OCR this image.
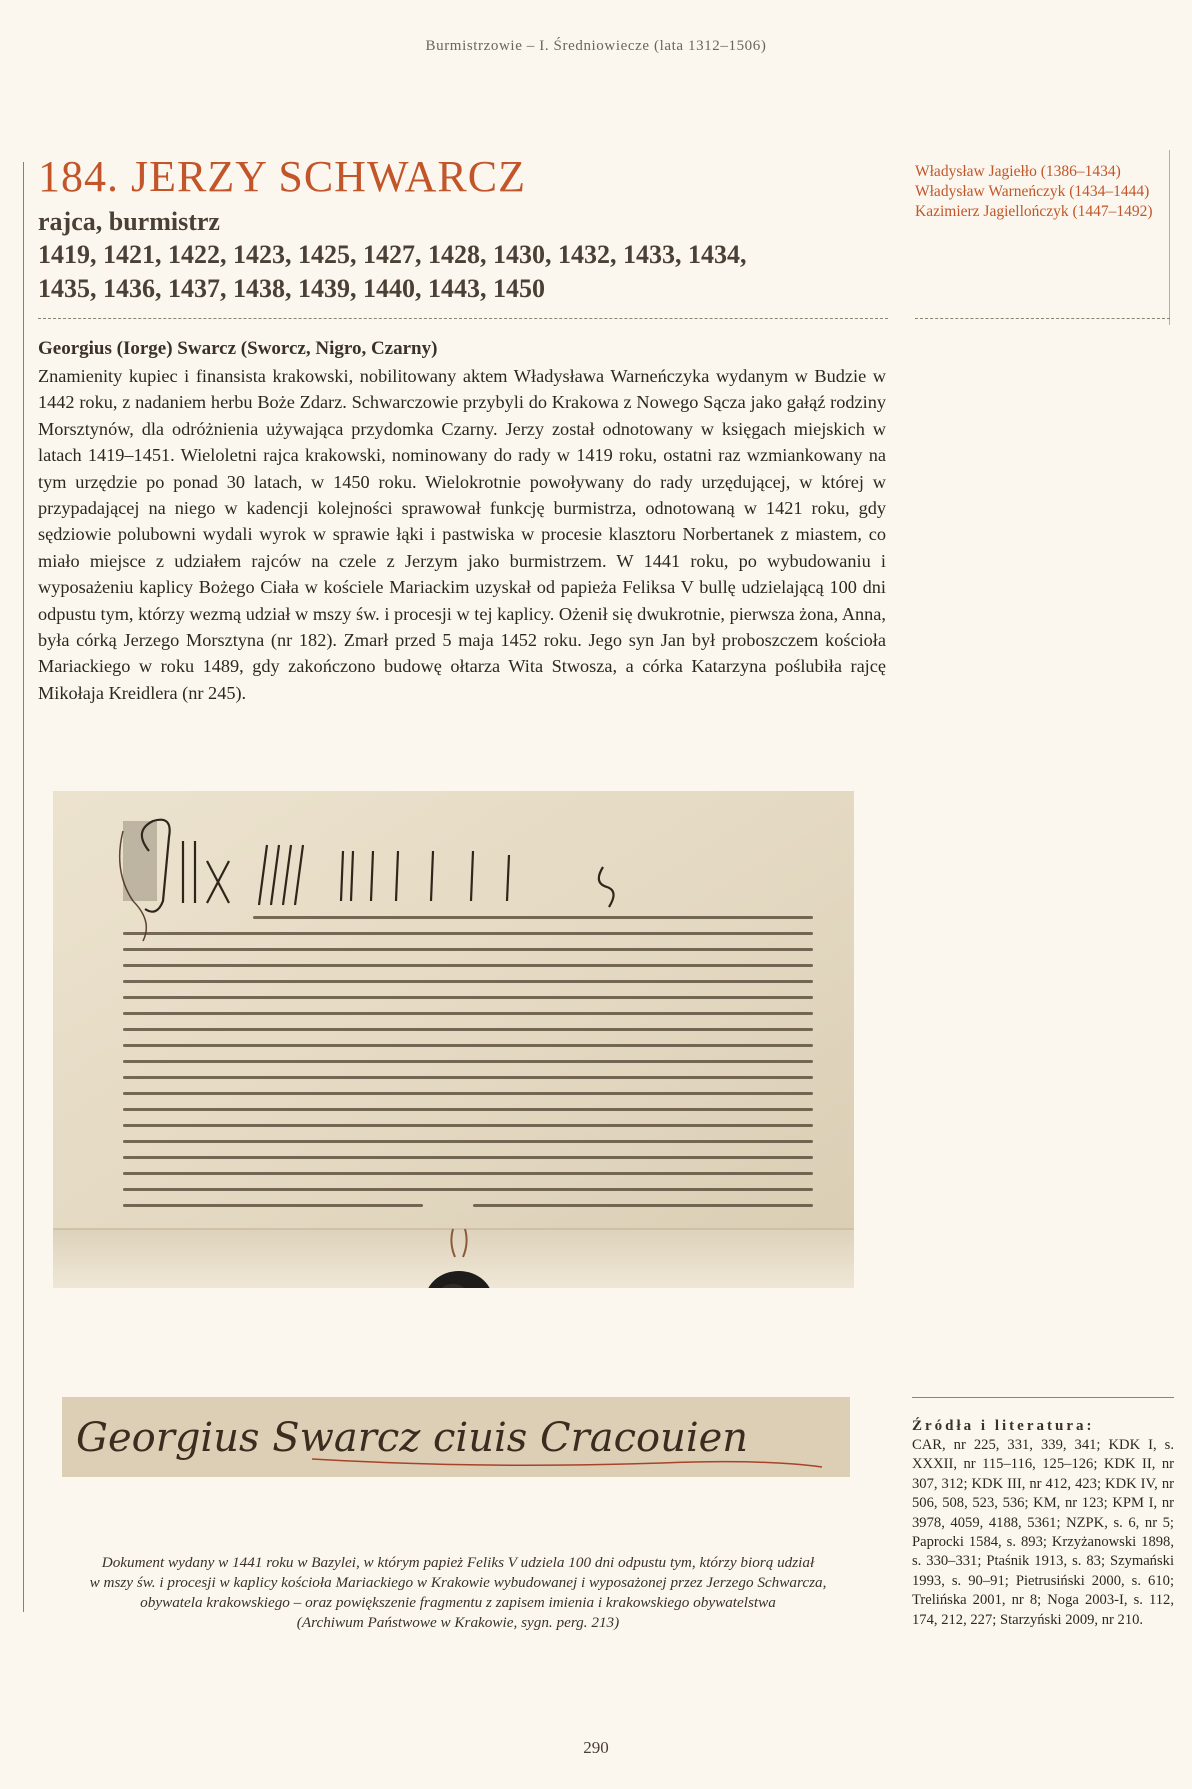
Burmistrzowie – I. Średniowiecze (lata 1312–1506)
184. JERZY SCHWARCZ
rajca, burmistrz
1419, 1421, 1422, 1423, 1425, 1427, 1428, 1430, 1432, 1433, 1434,
1435, 1436, 1437, 1438, 1439, 1440, 1443, 1450
Władysław Jagiełło (1386–1434)
Władysław Warneńczyk (1434–1444)
Kazimierz Jagiellończyk (1447–1492)
Georgius (Iorge) Swarcz (Sworcz, Nigro, Czarny)

Znamienity kupiec i finansista krakowski, nobilitowany aktem Władysława Warneńczyka wydanym w Budzie w 1442 roku, z nadaniem herbu Boże Zdarz. Schwarczowie przybyli do Krakowa z Nowego Sącza jako gałąź rodziny Morsztynów, dla odróżnienia używająca przydomka Czarny. Jerzy został odnotowany w księgach miejskich w latach 1419–1451. Wieloletni rajca krakowski, nominowany do rady w 1419 roku, ostatni raz wzmiankowany na tym urzędzie po ponad 30 latach, w 1450 roku. Wielokrotnie powoływany do rady urzędującej, w której w przypadającej na niego w kadencji kolejności sprawował funkcję burmistrza, odnotowaną w 1421 roku, gdy sędziowie polubowni wydali wyrok w sprawie łąki i pastwiska w procesie klasztoru Norbertanek z miastem, co miało miejsce z udziałem rajców na czele z Jerzym jako burmistrzem. W 1441 roku, po wybudowaniu i wyposażeniu kaplicy Bożego Ciała w kościele Mariackim uzyskał od papieża Feliksa V bullę udzielającą 100 dni odpustu tym, którzy wezmą udział w mszy św. i procesji w tej kaplicy. Ożenił się dwukrotnie, pierwsza żona, Anna, była córką Jerzego Morsztyna (nr 182). Zmarł przed 5 maja 1452 roku. Jego syn Jan był proboszczem kościoła Mariackiego w roku 1489, gdy zakończono budowę ołtarza Wita Stwosza, a córka Katarzyna poślubiła rajcę Mikołaja Kreidlera (nr 245).

Georgius Swarcz ciuis Cracouien
Dokument wydany w 1441 roku w Bazylei, w którym papież Feliks V udziela 100 dni odpustu tym, którzy biorą udział
w mszy św. i procesji w kaplicy kościoła Mariackiego w Krakowie wybudowanej i wyposażonej przez Jerzego Schwarcza,
obywatela krakowskiego – oraz powiększenie fragmentu z zapisem imienia i krakowskiego obywatelstwa
(Archiwum Państwowe w Krakowie, sygn. perg. 213)
Źródła i literatura:

CAR, nr 225, 331, 339, 341; KDK I, s. XXXII, nr 115–116, 125–126; KDK II, nr 307, 312; KDK III, nr 412, 423; KDK IV, nr 506, 508, 523, 536; KM, nr 123; KPM I, nr 3978, 4059, 4188, 5361; NZPK, s. 6, nr 5; Paprocki 1584, s. 893; Krzyżanowski 1898, s. 330–331; Ptaśnik 1913, s. 83; Szymański 1993, s. 90–91; Pietrusiński 2000, s. 610; Trelińska 2001, nr 8; Noga 2003-I, s. 112, 174, 212, 227; Starzyński 2009, nr 210.

290
